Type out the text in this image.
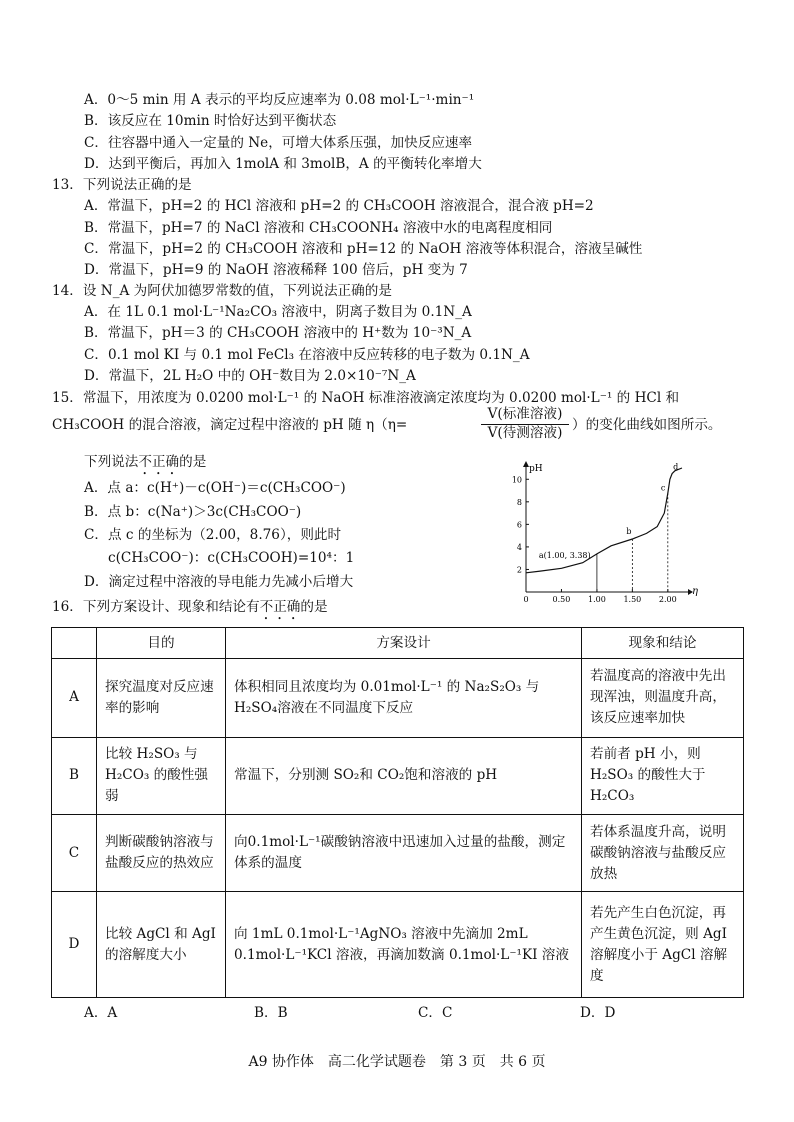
A．0～5 min 用 A 表示的平均反应速率为 0.08 mol·L⁻¹·min⁻¹
B．该反应在 10min 时恰好达到平衡状态
C．往容器中通入一定量的 Ne，可增大体系压强，加快反应速率
D．达到平衡后，再加入 1molA 和 3molB，A 的平衡转化率增大
13．下列说法正确的是
A．常温下，pH=2 的 HCl 溶液和 pH=2 的 CH₃COOH 溶液混合，混合液 pH=2
B．常温下，pH=7 的 NaCl 溶液和 CH₃COONH₄ 溶液中水的电离程度相同
C．常温下，pH=2 的 CH₃COOH 溶液和 pH=12 的 NaOH 溶液等体积混合，溶液呈碱性
D．常温下，pH=9 的 NaOH 溶液稀释 100 倍后，pH 变为 7
14．设 N_A 为阿伏加德罗常数的值，下列说法正确的是
A．在 1L 0.1 mol·L⁻¹Na₂CO₃ 溶液中，阴离子数目为 0.1N_A
B．常温下，pH＝3 的 CH₃COOH 溶液中的 H⁺数为 10⁻³N_A
C．0.1 mol KI 与 0.1 mol FeCl₃ 在溶液中反应转移的电子数为 0.1N_A
D．常温下，2L H₂O 中的 OH⁻数目为 2.0×10⁻⁷N_A
15．常温下，用浓度为 0.0200 mol·L⁻¹ 的 NaOH 标准溶液滴定浓度均为 0.0200 mol·L⁻¹ 的 HCl 和
CH₃COOH 的混合溶液，滴定过程中溶液的 pH 随 η（η=
V(标准溶液)
V(待测溶液) ）的变化曲线如图所示。
下列说法不正确的是
A．点 a：c(H⁺)－c(OH⁻)＝c(CH₃COO⁻)
B．点 b：c(Na⁺)＞3c(CH₃COO⁻)
C．点 c 的坐标为（2.00，8.76），则此时
c(CH₃COO⁻)：c(CH₃COOH)=10⁴：1
D．滴定过程中溶液的导电能力先减小后增大
pH
η
0	0.50 1.00 1.50 2.00
2
4
6
8
10
a(1.00, 3.38)
b
c
d
16．下列方案设计、现象和结论有不正确的是
	目的	方案设计	现象和结论
A	探究温度对反应速率的影响	体积相同且浓度均为 0.01mol·L⁻¹ 的 Na₂S₂O₃ 与 H₂SO₄溶液在不同温度下反应	若温度高的溶液中先出现浑浊，则温度升高，该反应速率加快
B	比较 H₂SO₃ 与 H₂CO₃ 的酸性强弱	常温下，分别测 SO₂和 CO₂饱和溶液的 pH	若前者 pH 小，则 H₂SO₃ 的酸性大于 H₂CO₃
C	判断碳酸钠溶液与盐酸反应的热效应	向0.1mol·L⁻¹碳酸钠溶液中迅速加入过量的盐酸，测定体系的温度	若体系温度升高，说明碳酸钠溶液与盐酸反应放热
D	比较 AgCl 和 AgI 的溶解度大小	向 1mL 0.1mol·L⁻¹AgNO₃ 溶液中先滴加 2mL 0.1mol·L⁻¹KCl 溶液，再滴加数滴 0.1mol·L⁻¹KI 溶液	若先产生白色沉淀，再产生黄色沉淀，则 AgI 溶解度小于 AgCl 溶解度
A．A	B．B	C．C	D．D
A9 协作体　高二化学试题卷　第 3 页　共 6 页
